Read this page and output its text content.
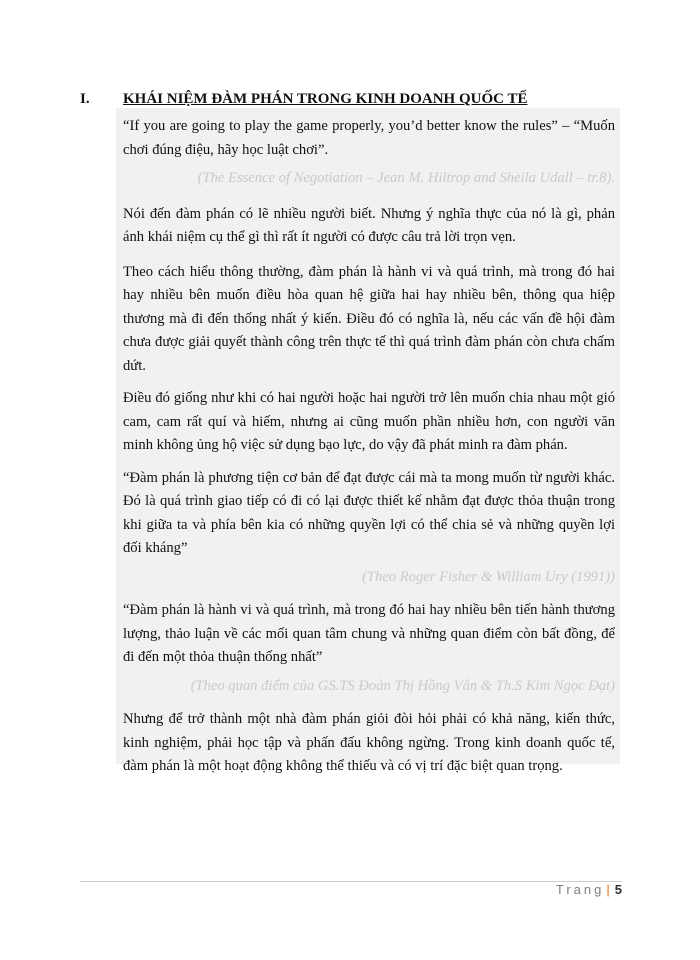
I. KHÁI NIỆM ĐÀM PHÁN TRONG KINH DOANH QUỐC TẾ

“If you are going to play the game properly, you’d better know the rules” – “Muốn chơi đúng điệu, hãy học luật chơi”.

(The Essence of Negotiation – Jean M. Hiltrop and Sheila Udall – tr.8).

Nói đến đàm phán có lẽ nhiều người biết. Nhưng ý nghĩa thực của nó là gì, phản ánh khái niệm cụ thể gì thì rất ít người có được câu trả lời trọn vẹn.

Theo cách hiểu thông thường, đàm phán là hành vi và quá trình, mà trong đó hai hay nhiều bên muốn điều hòa quan hệ giữa hai hay nhiều bên, thông qua hiệp thương mà đi đến thống nhất ý kiến. Điều đó có nghĩa là, nếu các vấn đề hội đàm chưa được giải quyết thành công trên thực tế thì quá trình đàm phán còn chưa chấm dứt.

Điều đó giống như khi có hai người hoặc hai người trở lên muốn chia nhau một gió cam, cam rất quí và hiếm, nhưng ai cũng muốn phần nhiều hơn, con người văn minh không ủng hộ việc sử dụng bạo lực, do vậy đã phát minh ra đàm phán.

“Đàm phán là phương tiện cơ bản để đạt được cái mà ta mong muốn từ người khác. Đó là quá trình giao tiếp có đi có lại được thiết kế nhằm đạt được thỏa thuận trong khi giữa ta và phía bên kia có những quyền lợi có thể chia sẻ và những quyền lợi đối kháng”

(Theo Roger Fisher & William Ury (1991))

“Đàm phán là hành vi và quá trình, mà trong đó hai hay nhiều bên tiến hành thương lượng, thảo luận về các mối quan tâm chung và những quan điểm còn bất đồng, để đi đến một thỏa thuận thống nhất”

(Theo quan điểm của GS.TS Đoàn Thị Hồng Vân & Th.S Kim Ngọc Đạt)

Nhưng để trở thành một nhà đàm phán giỏi đòi hỏi phải có khả năng, kiến thức, kinh nghiệm, phải học tập và phấn đấu không ngừng. Trong kinh doanh quốc tế, đàm phán là một hoạt động không thể thiếu và có vị trí đặc biệt quan trọng.

Trang | 5
